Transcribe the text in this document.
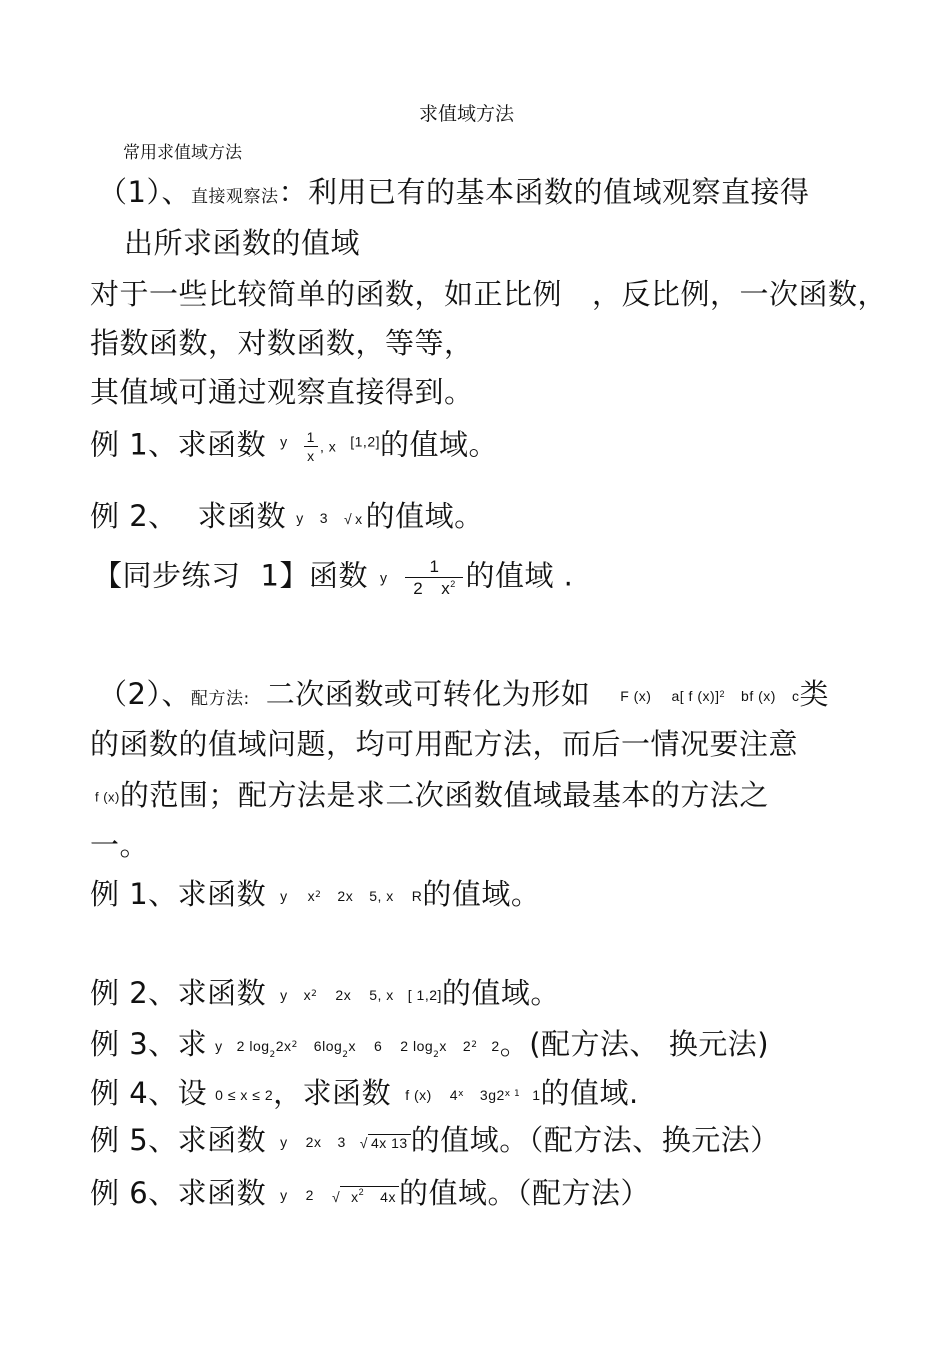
求值域方法
常用求值域方法
（1）、直接观察法：利用已有的基本函数的值域观察直接得
出所求函数的值域
对于一些比较简单的函数，如正比例 ，反比例，一次函数，
指数函数，对数函数，等等，
其值域可通过观察直接得到。
例 1、求函数 $^y \frac{1}{x}$ , x [1,2]的值域。
例 2、 求函数 y 3 √ x 的值域。
【同步练习 1】函数 y $\frac{1}{2 x^2}$ 的值域 .
（2）、配方法: 二次函数或可转化为形如 F (x) a[ f (x)]$^2$ bf (x) c类
的函数的值域问题，均可用配方法，而后一情况要注意
f (x)的范围；配方法是求二次函数值域最基本的方法之
一。
例 1、求函数 y $x^2$ 2x 5, x R的值域。
例 2、求函数 y $x^2$ 2x 5, x [ 1,2]的值域。
例 3、求 y 2 $\log_22x^2$ $6\log_2x$ 6 2 $\log_2x$ $2^2$ 2。(配方法、 换元法)
例 4、设 0 ≤ x ≤ 2，求函数 f (x) 4$^x$ $3g2^{x 1}$ 1的值域.
例 5、求函数 y 2x 3 √ 4x 13 的值域。（配方法、换元法）
例 6、求函数 y 2 √ $x^2$ 4x 的值域。（配方法）
